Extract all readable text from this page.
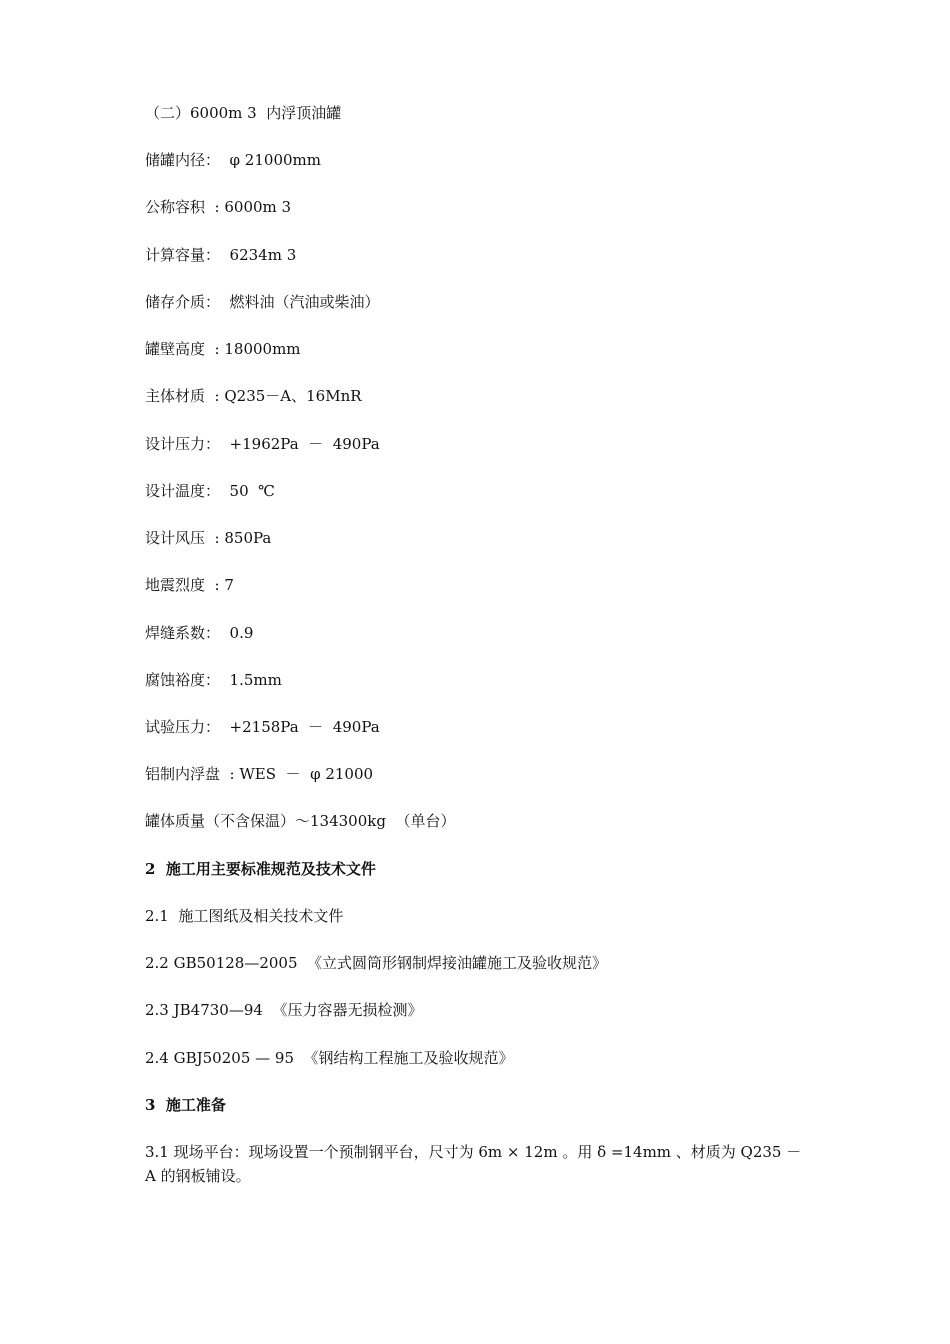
（二）6000m 3  内浮顶油罐
储罐内径：  φ 21000mm
公称容积  : 6000m 3
计算容量：  6234m 3
储存介质：  燃料油（汽油或柴油）
罐壁高度  : 18000mm
主体材质  : Q235－A、16MnR
设计压力：  +1962Pa  －  490Pa
设计温度：  50  ℃
设计风压  : 850Pa
地震烈度  : 7
焊缝系数：  0.9
腐蚀裕度：  1.5mm
试验压力：  +2158Pa  －  490Pa
铝制内浮盘  : WES  －  φ 21000
罐体质量（不含保温）～134300kg  （单台）
2  施工用主要标准规范及技术文件
2.1  施工图纸及相关技术文件
2.2 GB50128—2005  《立式圆筒形钢制焊接油罐施工及验收规范》
2.3 JB4730—94  《压力容器无损检测》
2.4 GBJ50205 — 95  《钢结构工程施工及验收规范》
3  施工准备
3.1 现场平台：现场设置一个预制钢平台，尺寸为 6m × 12m 。用 δ =14mm 、材质为 Q235 － A 的钢板铺设。
